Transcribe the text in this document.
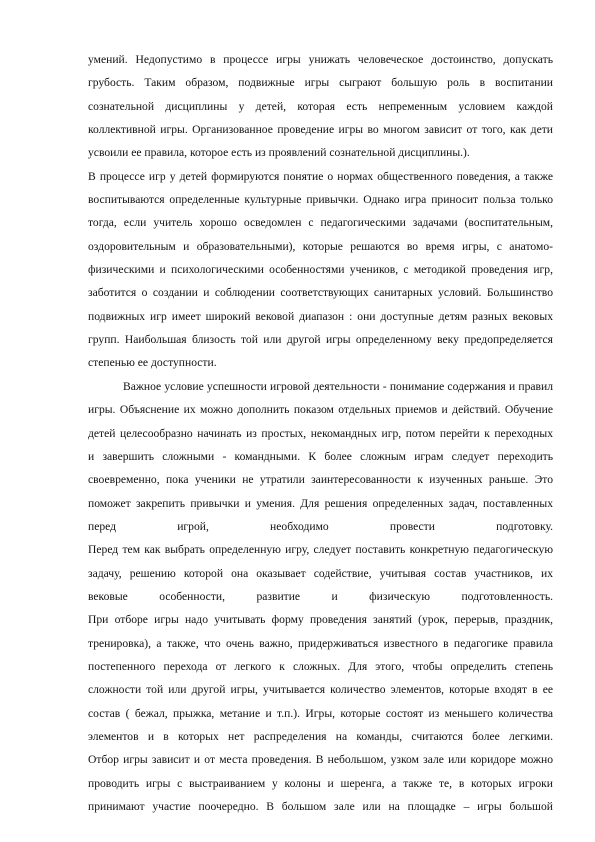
умений. Недопустимо в процессе игры унижать человеческое достоинство, допускать
грубость. Таким образом, подвижные игры сыграют большую роль в воспитании
сознательной дисциплины у детей, которая есть непременным условием каждой
коллективной игры. Организованное проведение игры во многом зависит от того, как дети
усвоили ее правила, которое есть из проявлений сознательной дисциплины.).
В процессе игр у детей формируются понятие о нормах общественного поведения, а также
воспитываются определенные культурные привычки. Однако игра приносит польза только
тогда, если учитель хорошо осведомлен с педагогическими задачами (воспитательным,
оздоровительным и образовательными), которые решаются во время игры, с анатомо-
физическими и психологическими особенностями учеников, с методикой проведения игр,
заботится о создании и соблюдении соответствующих санитарных условий. Большинство
подвижных игр имеет широкий вековой диапазон : они доступные детям разных вековых
групп. Наибольшая близость той или другой игры определенному веку предопределяется
степенью ее доступности.
Важное условие успешности игровой деятельности - понимание содержания и правил
игры. Объяснение их можно дополнить показом отдельных приемов и действий. Обучение
детей целесообразно начинать из простых, некомандных игр, потом перейти к переходных
и завершить сложными - командными. К более сложным играм следует переходить
своевременно, пока ученики не утратили заинтересованности к изученных раньше. Это
поможет закрепить привычки и умения. Для решения определенных задач, поставленных
перед игрой, необходимо провести подготовку.
Перед тем как выбрать определенную игру, следует поставить конкретную педагогическую
задачу, решению которой она оказывает содействие, учитывая состав участников, их
вековые особенности, развитие и физическую подготовленность.
При отборе игры надо учитывать форму проведения занятий (урок, перерыв, праздник,
тренировка), а также, что очень важно, придерживаться известного в педагогике правила
постепенного перехода от легкого к сложных. Для этого, чтобы определить степень
сложности той или другой игры, учитывается количество элементов, которые входят в ее
состав ( бежал, прыжка, метание и т.п.). Игры, которые состоят из меньшего количества
элементов и в которых нет распределения на команды, считаются более легкими.
Отбор игры зависит и от места проведения. В небольшом, узком зале или коридоре можно
проводить игры с выстраиванием у колоны и шеренга, а также те, в которых игроки
принимают участие поочередно. В большом зале или на площадке – игры большой
